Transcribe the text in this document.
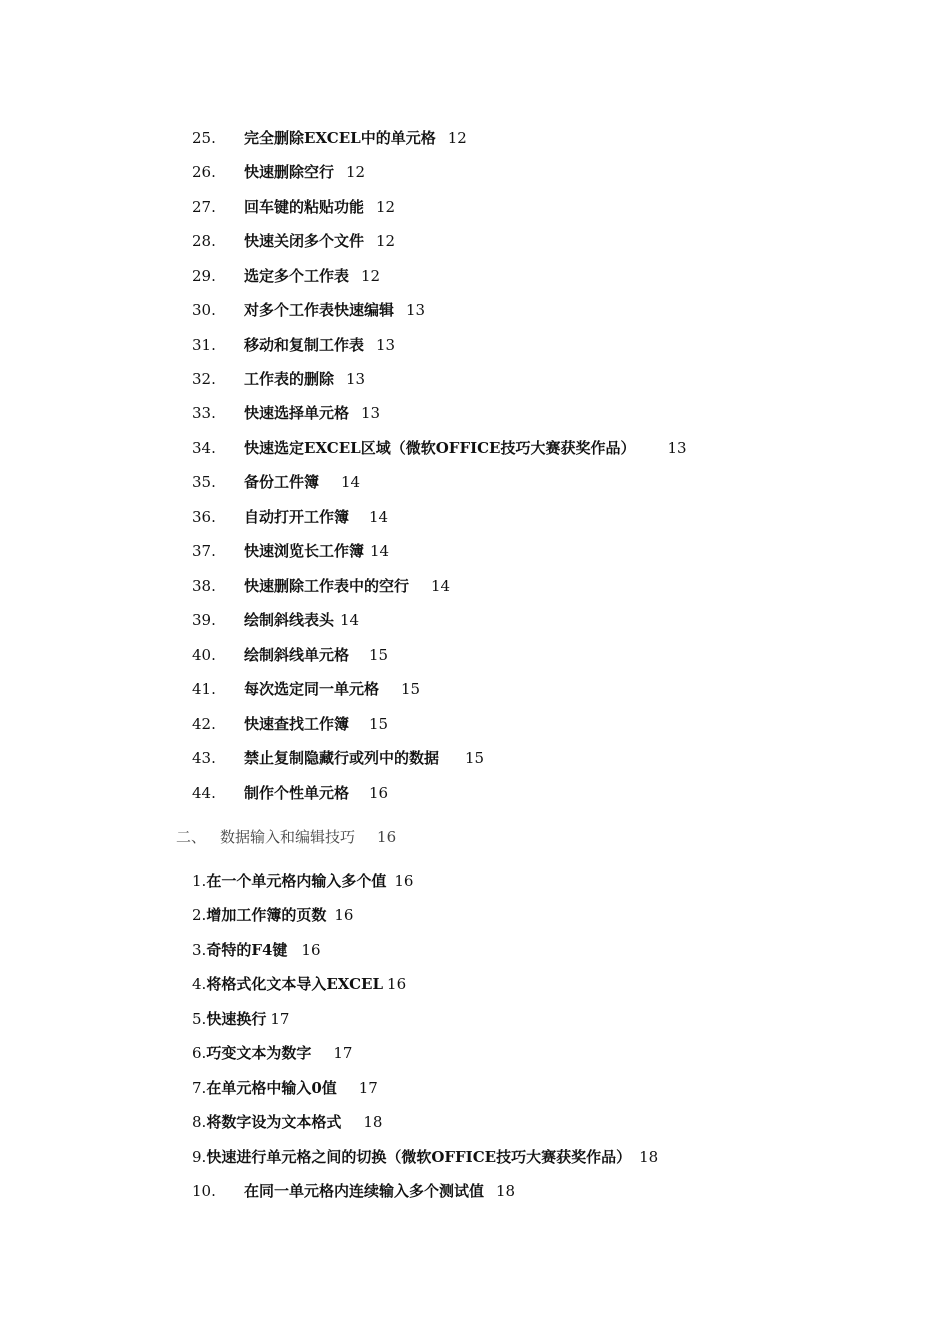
25. 完全删除EXCEL中的单元格 12
26. 快速删除空行 12
27. 回车键的粘贴功能 12
28. 快速关闭多个文件 12
29. 选定多个工作表 12
30. 对多个工作表快速编辑 13
31. 移动和复制工作表 13
32. 工作表的删除 13
33. 快速选择单元格 13
34. 快速选定EXCEL区域（微软OFFICE技巧大赛获奖作品） 13
35. 备份工件簿 14
36. 自动打开工作簿 14
37. 快速浏览长工作簿 14
38. 快速删除工作表中的空行 14
39. 绘制斜线表头 14
40. 绘制斜线单元格 15
41. 每次选定同一单元格 15
42. 快速查找工作簿 15
43. 禁止复制隐藏行或列中的数据 15
44. 制作个性单元格 16
二、 数据输入和编辑技巧 16
1.在一个单元格内输入多个值 16
2.增加工作簿的页数 16
3.奇特的F4键 16
4.将格式化文本导入EXCEL 16
5.快速换行 17
6.巧变文本为数字 17
7.在单元格中输入0值 17
8.将数字设为文本格式 18
9.快速进行单元格之间的切换（微软OFFICE技巧大赛获奖作品） 18
10. 在同一单元格内连续输入多个测试值 18
